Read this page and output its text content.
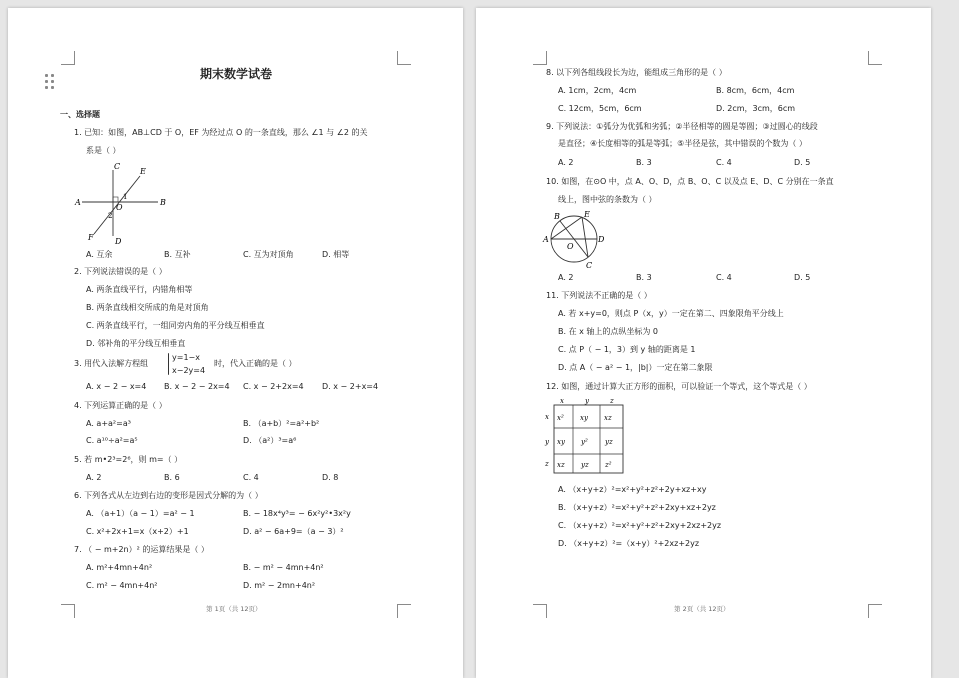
期末数学试卷
一、选择题
1. 已知：如图，AB⊥CD 于 O，EF 为经过点 O 的一条直线，那么 ∠1 与 ∠2 的关
系是（ ）
C
E
A	B
F	D
O
1
2
A. 互余	B. 互补	C. 互为对顶角	D. 相等
2. 下列说法错误的是（ ）
A. 两条直线平行，内错角相等
B. 两条直线相交所成的角是对顶角
C. 两条直线平行，一组同旁内角的平分线互相垂直
D. 邻补角的平分线互相垂直
3. 用代入法解方程组
y=1−x
x−2y=4
时，代入正确的是（ ）
A. x − 2 − x=4 B. x − 2 − 2x=4 C. x − 2+2x=4 D. x − 2+x=4
4. 下列运算正确的是（ ）
A. a+a²=a³	B. （a+b）²=a²+b²
C. a¹⁰÷a²=a⁵	D. （a²）³=a⁶
5. 若 m•2³=2⁶，则 m=（ ）
A. 2	B. 6	C. 4	D. 8
6. 下列各式从左边到右边的变形是因式分解的为（ ）
A. （a+1）（a − 1）=a² − 1	B. − 18x⁴y³= − 6x²y²•3x²y
C. x²+2x+1=x（x+2）+1	D. a² − 6a+9=（a − 3）²
7. （ − m+2n）² 的运算结果是（ ）
A. m²+4mn+4n²	B. − m² − 4mn+4n²
C. m² − 4mn+4n²	D. m² − 2mn+4n²
第 1页（共 12页）
8. 以下列各组线段长为边，能组成三角形的是（ ）
A. 1cm，2cm，4cm	B. 8cm，6cm，4cm
C. 12cm，5cm，6cm	D. 2cm，3cm，6cm
9. 下列说法：①弧分为优弧和劣弧；②半径相等的圆是等圆；③过圆心的线段
是直径；④长度相等的弧是等弧；⑤半径是弦，其中错误的个数为（ ）
A. 2	B. 3	C. 4	D. 5
10. 如图，在⊙O 中，点 A、O、D，点 B、O、C 以及点 E、D、C 分别在一条直
线上，图中弦的条数为（ ）
A
B	E
D
C
O
A. 2	B. 3	C. 4	D. 5
11. 下列说法不正确的是（ ）
A. 若 x+y=0，则点 P（x，y）一定在第二、四象限角平分线上
B. 在 x 轴上的点纵坐标为 0
C. 点 P（ − 1，3）到 y 轴的距离是 1
D. 点 A（ − a² − 1，|b|）一定在第二象限
12. 如图，通过计算大正方形的面积，可以验证一个等式，这个等式是（ ）
x	y	z
x
y
z
x² xy xz
xy y² yz
xz yz z²
A. （x+y+z）²=x²+y²+z²+2y+xz+xy
B. （x+y+z）²=x²+y²+z²+2xy+xz+2yz
C. （x+y+z）²=x²+y²+z²+2xy+2xz+2yz
D. （x+y+z）²=（x+y）²+2xz+2yz
第 2页（共 12页）
